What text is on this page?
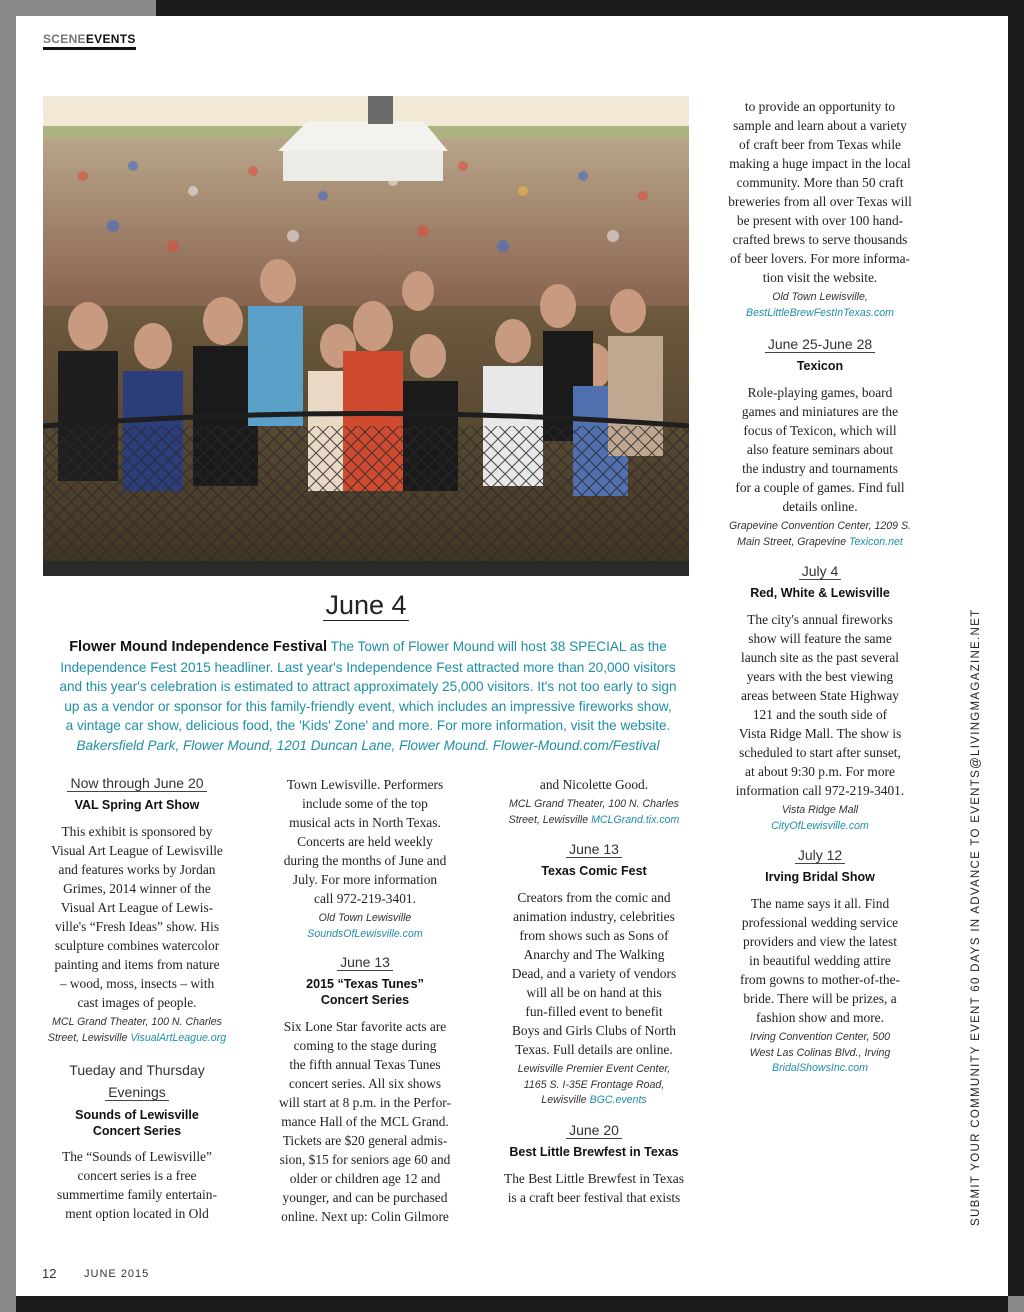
SCENEEVENTS
June 4
Flower Mound Independence Festival The Town of Flower Mound will host 38 SPECIAL as the
Independence Fest 2015 headliner. Last year's Independence Fest attracted more than 20,000 visitors
and this year's celebration is estimated to attract approximately 25,000 visitors. It's not too early to sign
up as a vendor or sponsor for this family-friendly event, which includes an impressive fireworks show,
a vintage car show, delicious food, the 'Kids' Zone' and more. For more information, visit the website.
Bakersfield Park, Flower Mound, 1201 Duncan Lane, Flower Mound. Flower-Mound.com/Festival

Now through June 20

VAL Spring Art Show

This exhibit is sponsored by
Visual Art League of Lewisville
and features works by Jordan
Grimes, 2014 winner of the
Visual Art League of Lewis-
ville's “Fresh Ideas” show. His
sculpture combines watercolor
painting and items from nature
– wood, moss, insects – with
cast images of people.

MCL Grand Theater, 100 N. Charles
Street, Lewisville VisualArtLeague.org

Tueday and Thursday
Evenings

Sounds of Lewisville
Concert Series

The “Sounds of Lewisville”
concert series is a free
summertime family entertain-
ment option located in Old

Town Lewisville. Performers
include some of the top
musical acts in North Texas.
Concerts are held weekly
during the months of June and
July. For more information
call 972-219-3401.

Old Town Lewisville
SoundsOfLewisville.com

June 13

2015 “Texas Tunes”
Concert Series

Six Lone Star favorite acts are
coming to the stage during
the fifth annual Texas Tunes
concert series. All six shows
will start at 8 p.m. in the Perfor-
mance Hall of the MCL Grand.
Tickets are $20 general admis-
sion, $15 for seniors age 60 and
older or children age 12 and
younger, and can be purchased
online. Next up: Colin Gilmore

and Nicolette Good.

MCL Grand Theater, 100 N. Charles
Street, Lewisville MCLGrand.tix.com

June 13

Texas Comic Fest

Creators from the comic and
animation industry, celebrities
from shows such as Sons of
Anarchy and The Walking
Dead, and a variety of vendors
will all be on hand at this
fun-filled event to benefit
Boys and Girls Clubs of North
Texas. Full details are online.

Lewisville Premier Event Center,
1165 S. I-35E Frontage Road,
Lewisville BGC.events

June 20

Best Little Brewfest in Texas

The Best Little Brewfest in Texas
is a craft beer festival that exists

to provide an opportunity to
sample and learn about a variety
of craft beer from Texas while
making a huge impact in the local
community. More than 50 craft
breweries from all over Texas will
be present with over 100 hand-
crafted brews to serve thousands
of beer lovers. For more informa-
tion visit the website.

Old Town Lewisville,
BestLittleBrewFestInTexas.com

June 25-June 28

Texicon

Role-playing games, board
games and miniatures are the
focus of Texicon, which will
also feature seminars about
the industry and tournaments
for a couple of games. Find full
details online.

Grapevine Convention Center, 1209 S.
Main Street, Grapevine Texicon.net

July 4

Red, White & Lewisville

The city's annual fireworks
show will feature the same
launch site as the past several
years with the best viewing
areas between State Highway
121 and the south side of
Vista Ridge Mall. The show is
scheduled to start after sunset,
at about 9:30 p.m. For more
information call 972-219-3401.

Vista Ridge Mall
CityOfLewisville.com

July 12

Irving Bridal Show

The name says it all. Find
professional wedding service
providers and view the latest
in beautiful wedding attire
from gowns to mother-of-the-
bride. There will be prizes, a
fashion show and more.

Irving Convention Center, 500
West Las Colinas Blvd., Irving
BridalShowsInc.com

12	JUNE 2015
SUBMIT YOUR COMMUNITY EVENT 60 DAYS IN ADVANCE TO EVENTS@LIVINGMAGAZINE.NET
